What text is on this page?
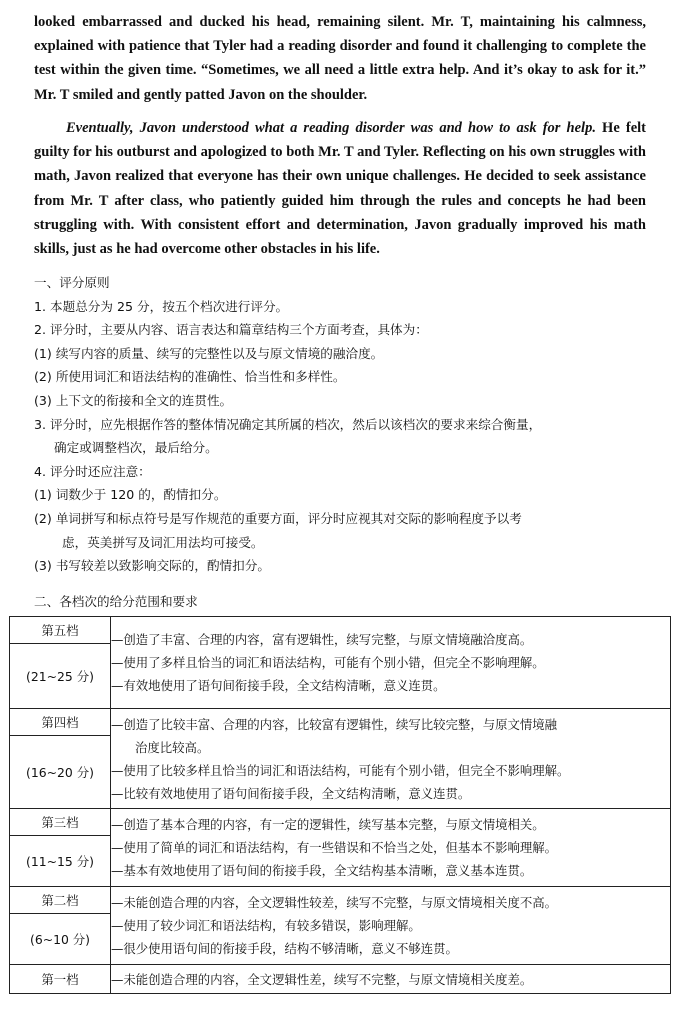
looked embarrassed and ducked his head, remaining silent. Mr. T, maintaining his calmness, explained with patience that Tyler had a reading disorder and found it challenging to complete the test within the given time. “Sometimes, we all need a little extra help. And it’s okay to ask for it.” Mr. T smiled and gently patted Javon on the shoulder.

Eventually, Javon understood what a reading disorder was and how to ask for help. He felt guilty for his outburst and apologized to both Mr. T and Tyler. Reflecting on his own struggles with math, Javon realized that everyone has their own unique challenges. He decided to seek assistance from Mr. T after class, who patiently guided him through the rules and concepts he had been struggling with. With consistent effort and determination, Javon gradually improved his math skills, just as he had overcome other obstacles in his life.

一、评分原则
1. 本题总分为 25 分，按五个档次进行评分。
2. 评分时，主要从内容、语言表达和篇章结构三个方面考查，具体为：
(1) 续写内容的质量、续写的完整性以及与原文情境的融洽度。
(2) 所使用词汇和语法结构的准确性、恰当性和多样性。
(3) 上下文的衔接和全文的连贯性。
3. 评分时，应先根据作答的整体情况确定其所属的档次，然后以该档次的要求来综合衡量，
确定或调整档次，最后给分。
4. 评分时还应注意：
(1) 词数少于 120 的，酌情扣分。
(2) 单词拼写和标点符号是写作规范的重要方面，评分时应视其对交际的影响程度予以考
虑，英美拼写及词汇用法均可接受。
(3) 书写较差以致影响交际的，酌情扣分。
二、各档次的给分范围和要求
第五档	—创造了丰富、合理的内容，富有逻辑性，续写完整，与原文情境融洽度高。
—使用了多样且恰当的词汇和语法结构，可能有个别小错，但完全不影响理解。
—有效地使用了语句间衔接手段，全文结构清晰，意义连贯。

(21~25 分)	
第四档	—创造了比较丰富、合理的内容，比较富有逻辑性，续写比较完整，与原文情境融
治度比较高。
—使用了比较多样且恰当的词汇和语法结构，可能有个别小错，但完全不影响理解。
—比较有效地使用了语句间衔接手段，全文结构清晰，意义连贯。

(16~20 分)	
第三档	—创造了基本合理的内容，有一定的逻辑性，续写基本完整，与原文情境相关。
—使用了简单的词汇和语法结构，有一些错误和不恰当之处，但基本不影响理解。
—基本有效地使用了语句间的衔接手段，全文结构基本清晰，意义基本连贯。

(11~15 分)	
第二档	—未能创造合理的内容，全文逻辑性较差，续写不完整，与原文情境相关度不高。
—使用了较少词汇和语法结构，有较多错误，影响理解。
—很少使用语句间的衔接手段，结构不够清晰，意义不够连贯。

(6~10 分)	
第一档	—未能创造合理的内容，全文逻辑性差，续写不完整，与原文情境相关度差。
